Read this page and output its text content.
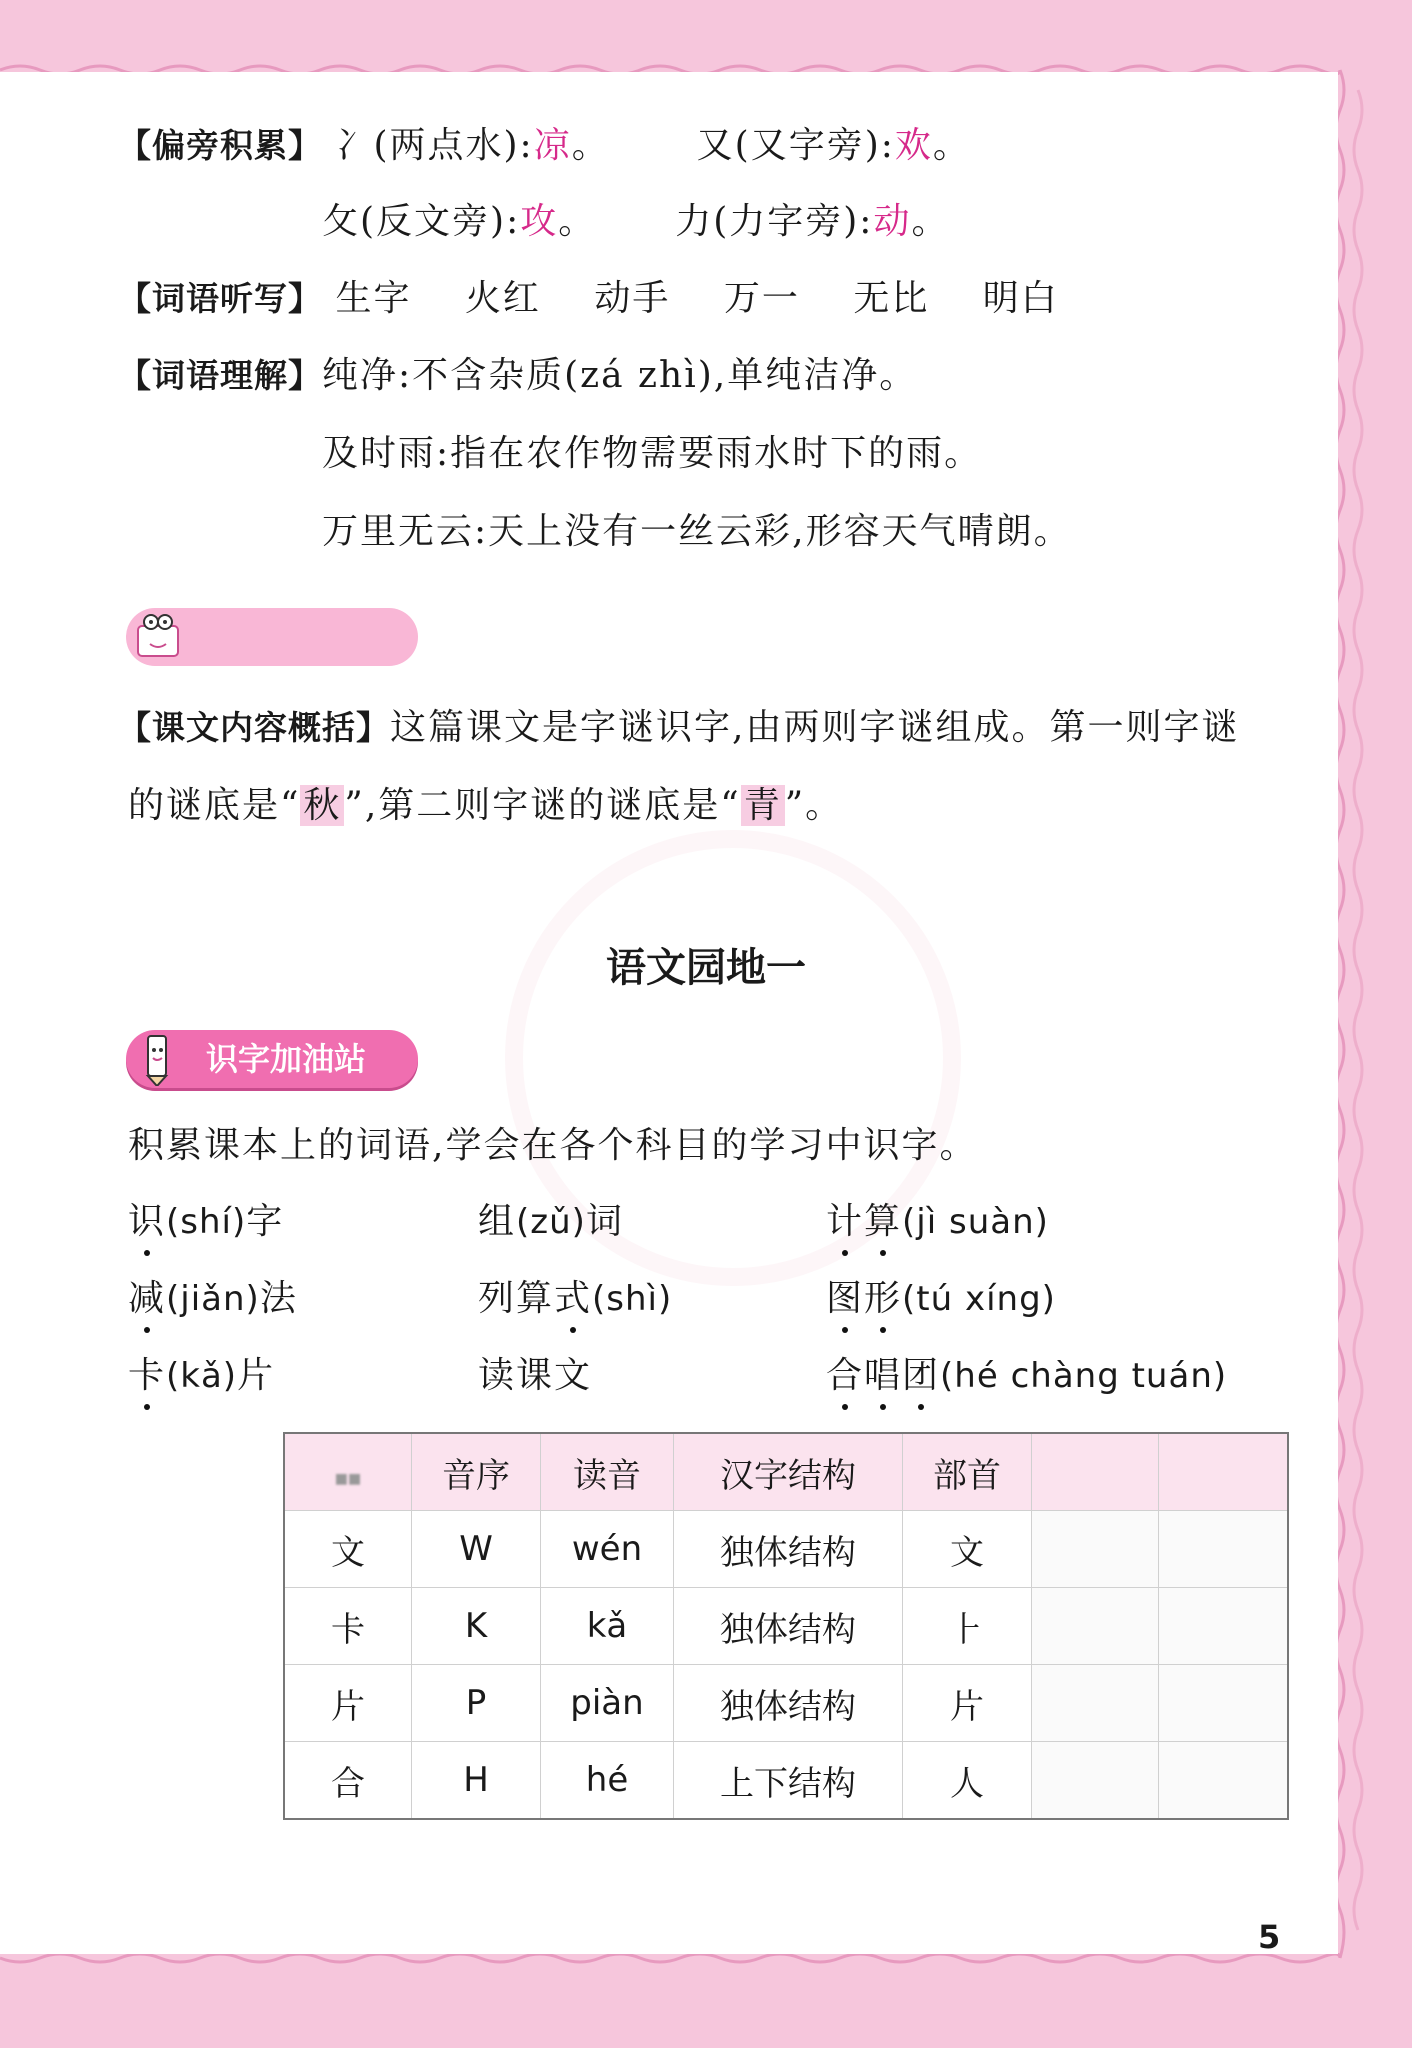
【偏旁积累】 冫(两点水):凉。 又(又字旁):欢。
攵(反文旁):攻。 力(力字旁):动。
【词语听写】 生字 火红 动手 万一 无比 明白
【词语理解】纯净:不含杂质(zá zhì),单纯洁净。
及时雨:指在农作物需要雨水时下的雨。
万里无云:天上没有一丝云彩,形容天气晴朗。
【课文内容概括】这篇课文是字谜识字,由两则字谜组成。第一则字谜
的谜底是“秋”,第二则字谜的谜底是“青”。
语文园地一
识字加油站
积累课本上的词语,学会在各个科目的学习中识字。
识(shí)字	组(zǔ)词	计算(jì suàn)
减(jiǎn)法	列算式(shì)	图形(tú xíng)
卡(kǎ)片	读课文	合唱团(hé chàng tuán)
■■	音序	读音	汉字结构	部首		
文	W	wén	独体结构	文		
卡	K	kǎ	独体结构	⺊		
片	P	piàn	独体结构	片		
合	H	hé	上下结构	人		
5
